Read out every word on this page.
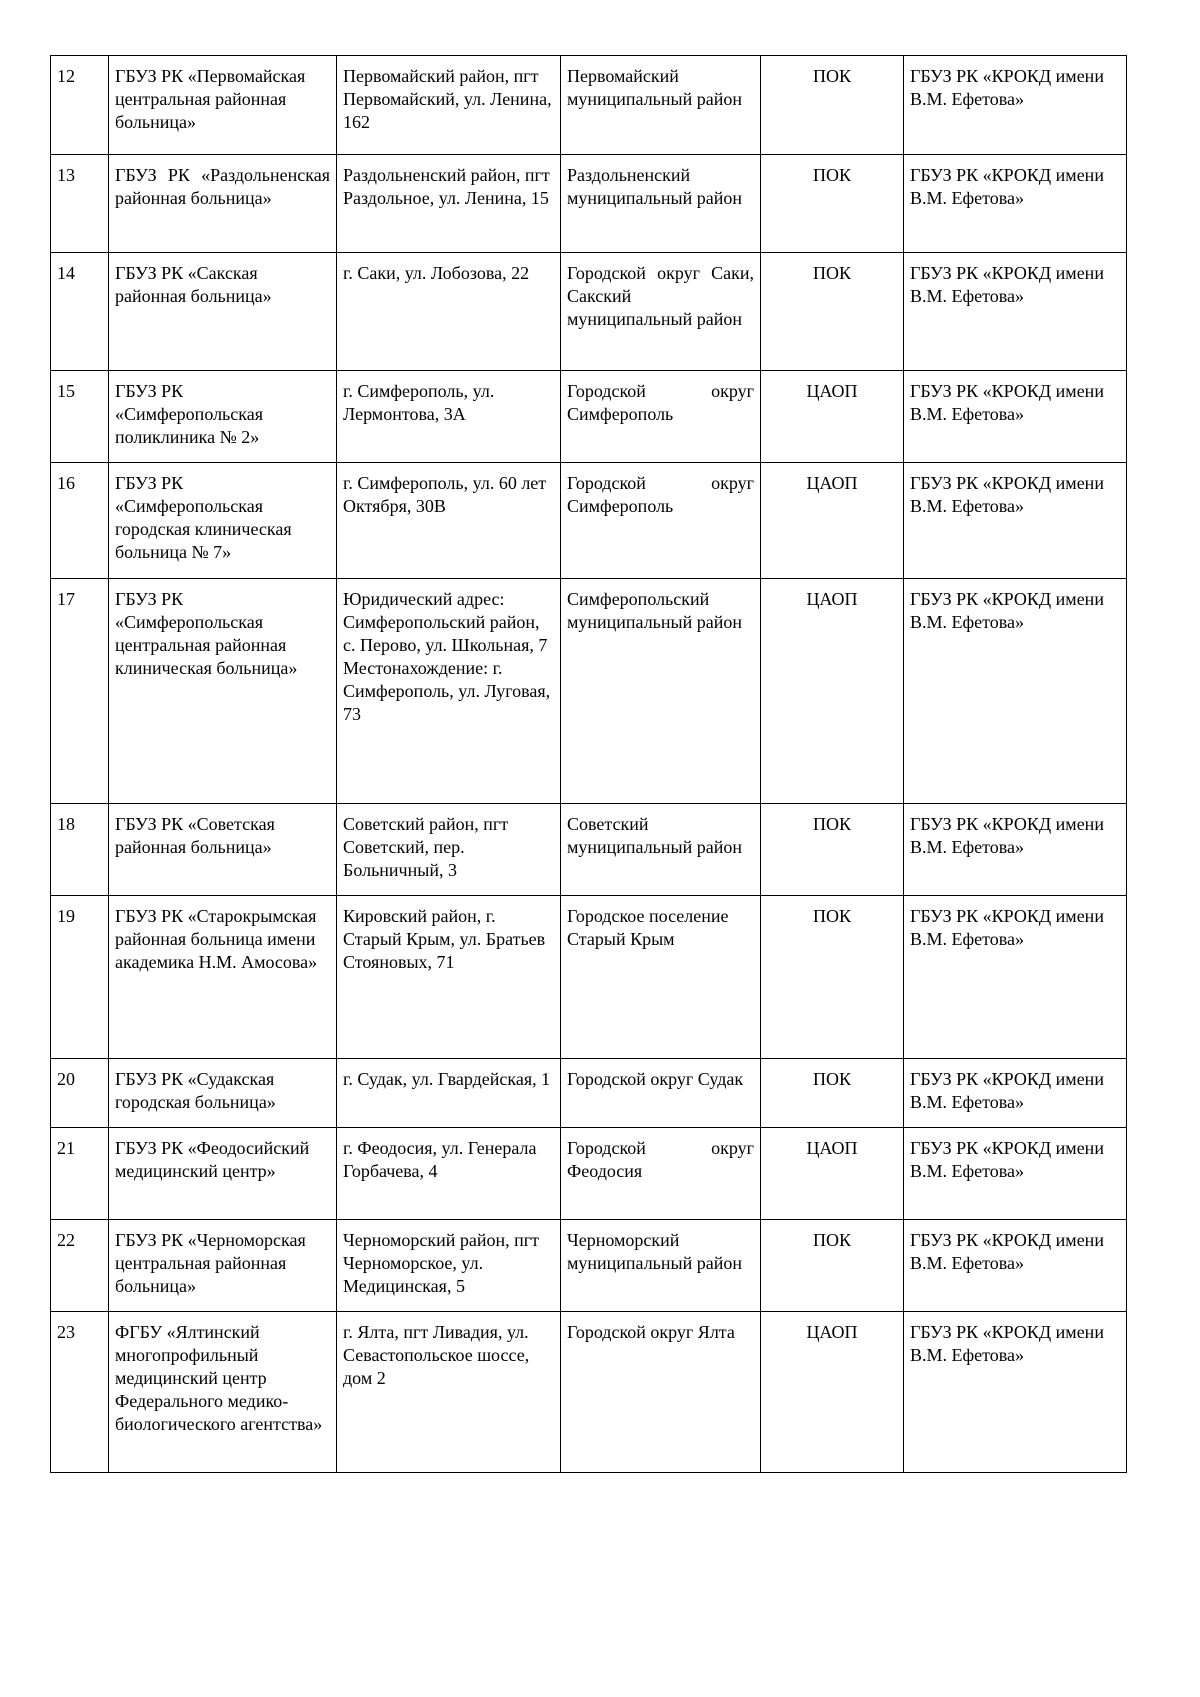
12	ГБУЗ РК «Первомайская центральная районная больница»	Первомайский район, пгт Первомайский, ул. Ленина, 162	Первомайский муниципальный район	ПОК	ГБУЗ РК «КРОКД имени В.М. Ефетова»
13	ГБУЗ РК «Раздольненская районная больница»	Раздольненский район, пгт Раздольное, ул. Ленина, 15	Раздольненский муниципальный район	ПОК	ГБУЗ РК «КРОКД имени В.М. Ефетова»
14	ГБУЗ РК «Сакская районная больница»	г. Саки, ул. Лобозова, 22	Городской округ Саки, Сакский муниципальный район	ПОК	ГБУЗ РК «КРОКД имени В.М. Ефетова»
15	ГБУЗ РК «Симферопольская поликлиника № 2»	г. Симферополь, ул. Лермонтова, 3А	Городской округ Симферополь	ЦАОП	ГБУЗ РК «КРОКД имени В.М. Ефетова»
16	ГБУЗ РК «Симферопольская городская клиническая больница № 7»	г. Симферополь, ул. 60 лет Октября, 30В	Городской округ Симферополь	ЦАОП	ГБУЗ РК «КРОКД имени В.М. Ефетова»
17	ГБУЗ РК «Симферопольская центральная районная клиническая больница»	Юридический адрес: Симферопольский район, с. Перово, ул. Школьная, 7 Местонахождение: г. Симферополь, ул. Луговая, 73	Симферопольский муниципальный район	ЦАОП	ГБУЗ РК «КРОКД имени В.М. Ефетова»
18	ГБУЗ РК «Советская районная больница»	Советский район, пгт Советский, пер. Больничный, 3	Советский муниципальный район	ПОК	ГБУЗ РК «КРОКД имени В.М. Ефетова»
19	ГБУЗ РК «Старокрымская районная больница имени академика Н.М. Амосова»	Кировский район, г. Старый Крым, ул. Братьев Стояновых, 71	Городское поселение Старый Крым	ПОК	ГБУЗ РК «КРОКД имени В.М. Ефетова»
20	ГБУЗ РК «Судакская городская больница»	г. Судак, ул. Гвардейская, 1	Городской округ Судак	ПОК	ГБУЗ РК «КРОКД имени В.М. Ефетова»
21	ГБУЗ РК «Феодосийский медицинский центр»	г. Феодосия, ул. Генерала Горбачева, 4	Городской округ Феодосия	ЦАОП	ГБУЗ РК «КРОКД имени В.М. Ефетова»
22	ГБУЗ РК «Черноморская центральная районная больница»	Черноморский район, пгт Черноморское, ул. Медицинская, 5	Черноморский муниципальный район	ПОК	ГБУЗ РК «КРОКД имени В.М. Ефетова»
23	ФГБУ «Ялтинский многопрофильный медицинский центр Федерального медико-биологического агентства»	г. Ялта, пгт Ливадия, ул. Севастопольское шоссе, дом 2	Городской округ Ялта	ЦАОП	ГБУЗ РК «КРОКД имени В.М. Ефетова»
